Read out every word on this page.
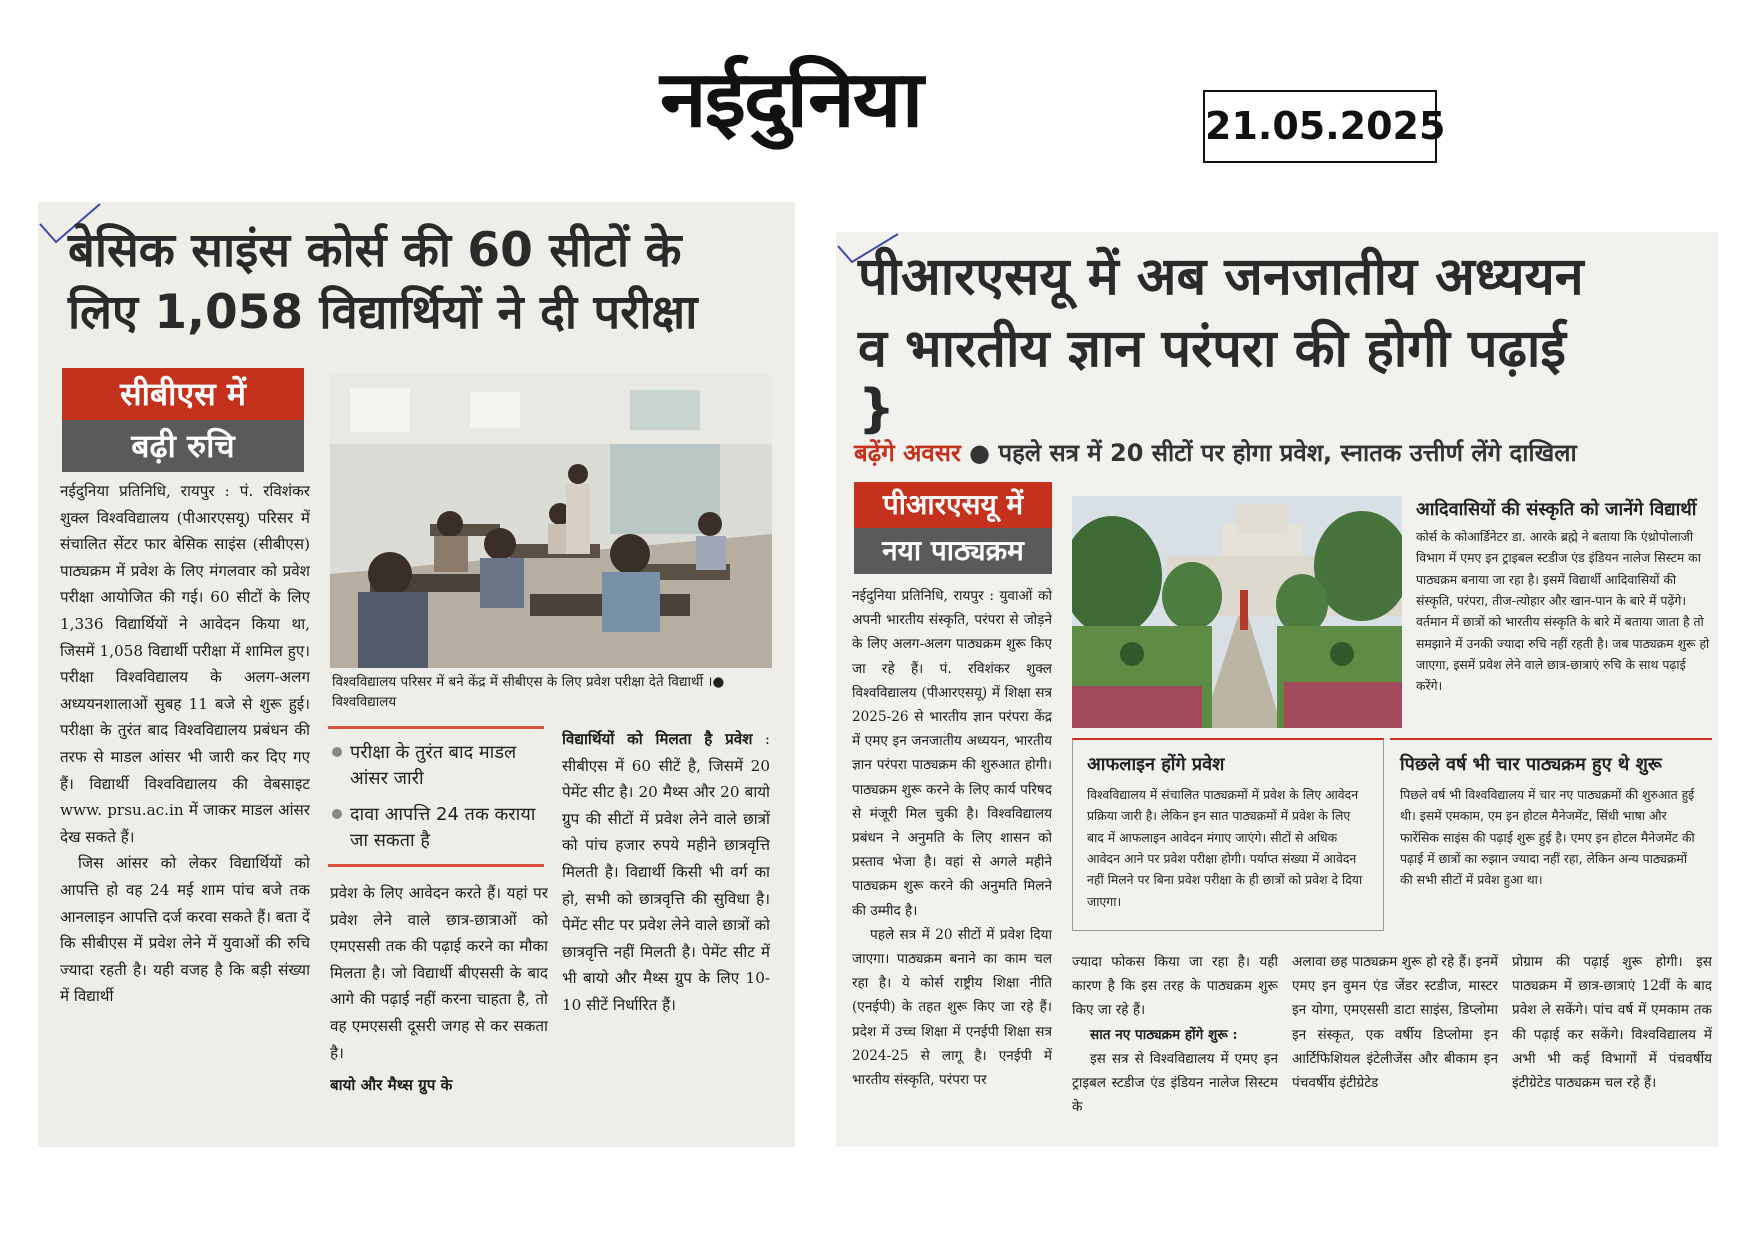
नईदुनिया	21.05.2025
बेसिक साइंस कोर्स की 60 सीटों के
लिए 1,058 विद्यार्थियों ने दी परीक्षा
सीबीएस में
बढ़ी रुचि

नईदुनिया प्रतिनिधि, रायपुर : पं. रविशंकर शुक्ल विश्वविद्यालय (पीआरएसयू) परिसर में संचालित सेंटर फार बेसिक साइंस (सीबीएस) पाठ्यक्रम में प्रवेश के लिए मंगलवार को प्रवेश परीक्षा आयोजित की गई। 60 सीटों के लिए 1,336 विद्यार्थियों ने आवेदन किया था, जिसमें 1,058 विद्यार्थी परीक्षा में शामिल हुए। परीक्षा विश्वविद्यालय के अलग-अलग अध्ययनशालाओं सुबह 11 बजे से शुरू हुई। परीक्षा के तुरंत बाद विश्वविद्यालय प्रबंधन की तरफ से माडल आंसर भी जारी कर दिए गए हैं। विद्यार्थी विश्वविद्यालय की वेबसाइट www. prsu.ac.in में जाकर माडल आंसर देख सकते हैं।

जिस आंसर को लेकर विद्यार्थियों को आपत्ति हो वह 24 मई शाम पांच बजे तक आनलाइन आपत्ति दर्ज करवा सकते हैं। बता दें कि सीबीएस में प्रवेश लेने में युवाओं की रुचि ज्यादा रहती है। यही वजह है कि बड़ी संख्या में विद्यार्थी

विश्वविद्यालय परिसर में बने केंद्र में सीबीएस के लिए प्रवेश परीक्षा देते विद्यार्थी ।● विश्वविद्यालय
परीक्षा के तुरंत बाद माडल आंसर जारी
दावा आपत्ति 24 तक कराया जा सकता है

प्रवेश के लिए आवेदन करते हैं। यहां पर प्रवेश लेने वाले छात्र-छात्राओं को एमएससी तक की पढ़ाई करने का मौका मिलता है। जो विद्यार्थी बीएससी के बाद आगे की पढ़ाई नहीं करना चाहता है, तो वह एमएससी दूसरी जगह से कर सकता है।

बायो और मैथ्स ग्रुप के

विद्यार्थियों को मिलता है प्रवेश : सीबीएस में 60 सीटें है, जिसमें 20 पेमेंट सीट है। 20 मैथ्स और 20 बायो ग्रुप की सीटों में प्रवेश लेने वाले छात्रों को पांच हजार रुपये महीने छात्रवृत्ति मिलती है। विद्यार्थी किसी भी वर्ग का हो, सभी को छात्रवृत्ति की सुविधा है। पेमेंट सीट पर प्रवेश लेने वाले छात्रों को छात्रवृत्ति नहीं मिलती है। पेमेंट सीट में भी बायो और मैथ्स ग्रुप के लिए 10-10 सीटें निर्धारित हैं।

पीआरएसयू में अब जनजातीय अध्ययन
व भारतीय ज्ञान परंपरा की होगी पढ़ाई
}
बढ़ेंगे अवसर ● पहले सत्र में 20 सीटों पर होगा प्रवेश, स्नातक उत्तीर्ण लेंगे दाखिला
पीआरएसयू में
नया पाठ्यक्रम

नईदुनिया प्रतिनिधि, रायपुर : युवाओं को अपनी भारतीय संस्कृति, परंपरा से जोड़ने के लिए अलग-अलग पाठ्यक्रम शुरू किए जा रहे हैं। पं. रविशंकर शुक्ल विश्वविद्यालय (पीआरएसयू) में शिक्षा सत्र 2025-26 से भारतीय ज्ञान परंपरा केंद्र में एमए इन जनजातीय अध्ययन, भारतीय ज्ञान परंपरा पाठ्यक्रम की शुरुआत होगी। पाठ्यक्रम शुरू करने के लिए कार्य परिषद से मंजूरी मिल चुकी है। विश्वविद्यालय प्रबंधन ने अनुमति के लिए शासन को प्रस्ताव भेजा है। वहां से अगले महीने पाठ्यक्रम शुरू करने की अनुमति मिलने की उम्मीद है।

पहले सत्र में 20 सीटों में प्रवेश दिया जाएगा। पाठ्यक्रम बनाने का काम चल रहा है। ये कोर्स राष्ट्रीय शिक्षा नीति (एनईपी) के तहत शुरू किए जा रहे हैं। प्रदेश में उच्च शिक्षा में एनईपी शिक्षा सत्र 2024-25 से लागू है। एनईपी में भारतीय संस्कृति, परंपरा पर

आदिवासियों की संस्कृति को जानेंगे विद्यार्थी
कोर्स के कोआर्डिनेटर डा. आरके ब्रह्मे ने बताया कि एंथ्रोपोलाजी विभाग में एमए इन ट्राइबल स्टडीज एंड इंडियन नालेज सिस्टम का पाठ्यक्रम बनाया जा रहा है। इसमें विद्यार्थी आदिवासियों की संस्कृति, परंपरा, तीज-त्योहार और खान-पान के बारे में पढ़ेंगे। वर्तमान में छात्रों को भारतीय संस्कृति के बारे में बताया जाता है तो समझाने में उनकी ज्यादा रुचि नहीं रहती है। जब पाठ्यक्रम शुरू हो जाएगा, इसमें प्रवेश लेने वाले छात्र-छात्राएं रुचि के साथ पढ़ाई करेंगे।
आफलाइन होंगे प्रवेश
विश्वविद्यालय में संचालित पाठ्यक्रमों में प्रवेश के लिए आवेदन प्रक्रिया जारी है। लेकिन इन सात पाठ्यक्रमों में प्रवेश के लिए बाद में आफलाइन आवेदन मंगाए जाएंगे। सीटों से अधिक आवेदन आने पर प्रवेश परीक्षा होगी। पर्याप्त संख्या में आवेदन नहीं मिलने पर बिना प्रवेश परीक्षा के ही छात्रों को प्रवेश दे दिया जाएगा।
पिछले वर्ष भी चार पाठ्यक्रम हुए थे शुरू
पिछले वर्ष भी विश्वविद्यालय में चार नए पाठ्यक्रमों की शुरुआत हुई थी। इसमें एमकाम, एम इन होटल मैनेजमेंट, सिंधी भाषा और फारेंसिक साइंस की पढ़ाई शुरू हुई है। एमए इन होटल मैनेजमेंट की पढ़ाई में छात्रों का रुझान ज्यादा नहीं रहा, लेकिन अन्य पाठ्यक्रमों की सभी सीटों में प्रवेश हुआ था।

ज्यादा फोकस किया जा रहा है। यही कारण है कि इस तरह के पाठ्यक्रम शुरू किए जा रहे हैं।

सात नए पाठ्यक्रम होंगे शुरू :

इस सत्र से विश्वविद्यालय में एमए इन ट्राइबल स्टडीज एंड इंडियन नालेज सिस्टम के

अलावा छह पाठ्यक्रम शुरू हो रहे हैं। इनमें एमए इन वुमन एंड जेंडर स्टडीज, मास्टर इन योगा, एमएससी डाटा साइंस, डिप्लोमा इन संस्कृत, एक वर्षीय डिप्लोमा इन आर्टिफिशियल इंटेलीजेंस और बीकाम इन पंचवर्षीय इंटीग्रेटेड

प्रोग्राम की पढ़ाई शुरू होगी। इस पाठ्यक्रम में छात्र-छात्राएं 12वीं के बाद प्रवेश ले सकेंगे। पांच वर्ष में एमकाम तक की पढ़ाई कर सकेंगे। विश्वविद्यालय में अभी भी कई विभागों में पंचवर्षीय इंटीग्रेटेड पाठ्यक्रम चल रहे हैं।
